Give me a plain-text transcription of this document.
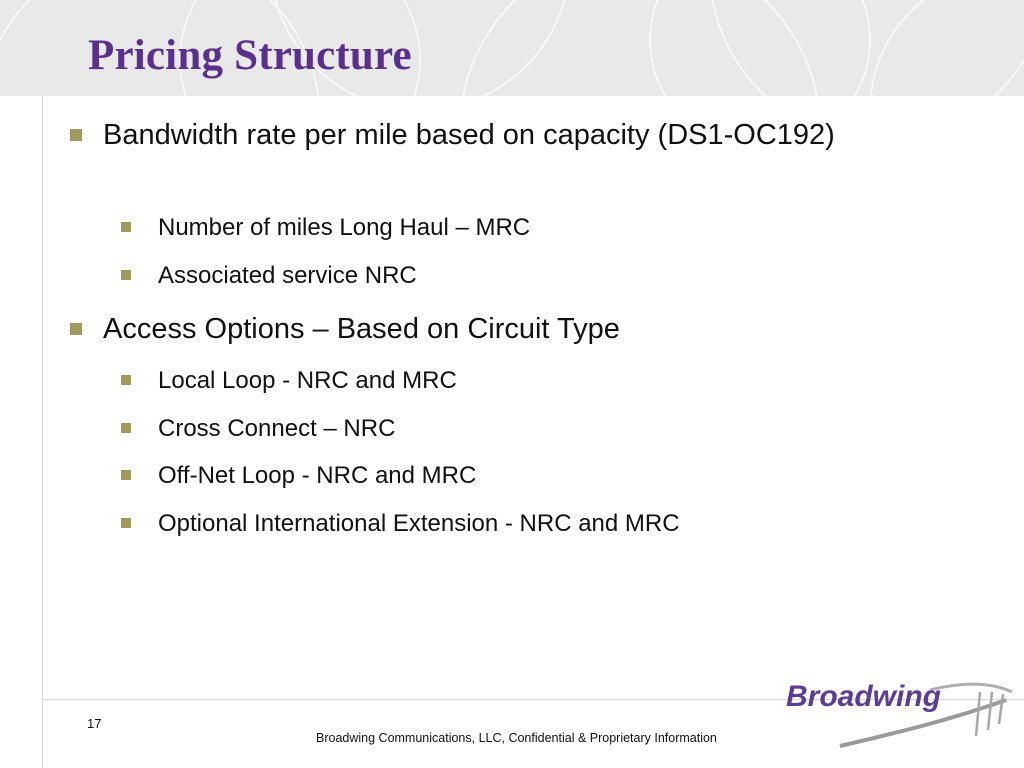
Pricing Structure
Bandwidth rate per mile based on capacity (DS1-OC192)
Number of miles Long Haul – MRC
Associated service NRC
Access Options – Based on Circuit Type
Local Loop - NRC and MRC
Cross Connect – NRC
Off-Net Loop - NRC and MRC
Optional International Extension - NRC and MRC
17
Broadwing Communications, LLC, Confidential & Proprietary Information
Broadwing
